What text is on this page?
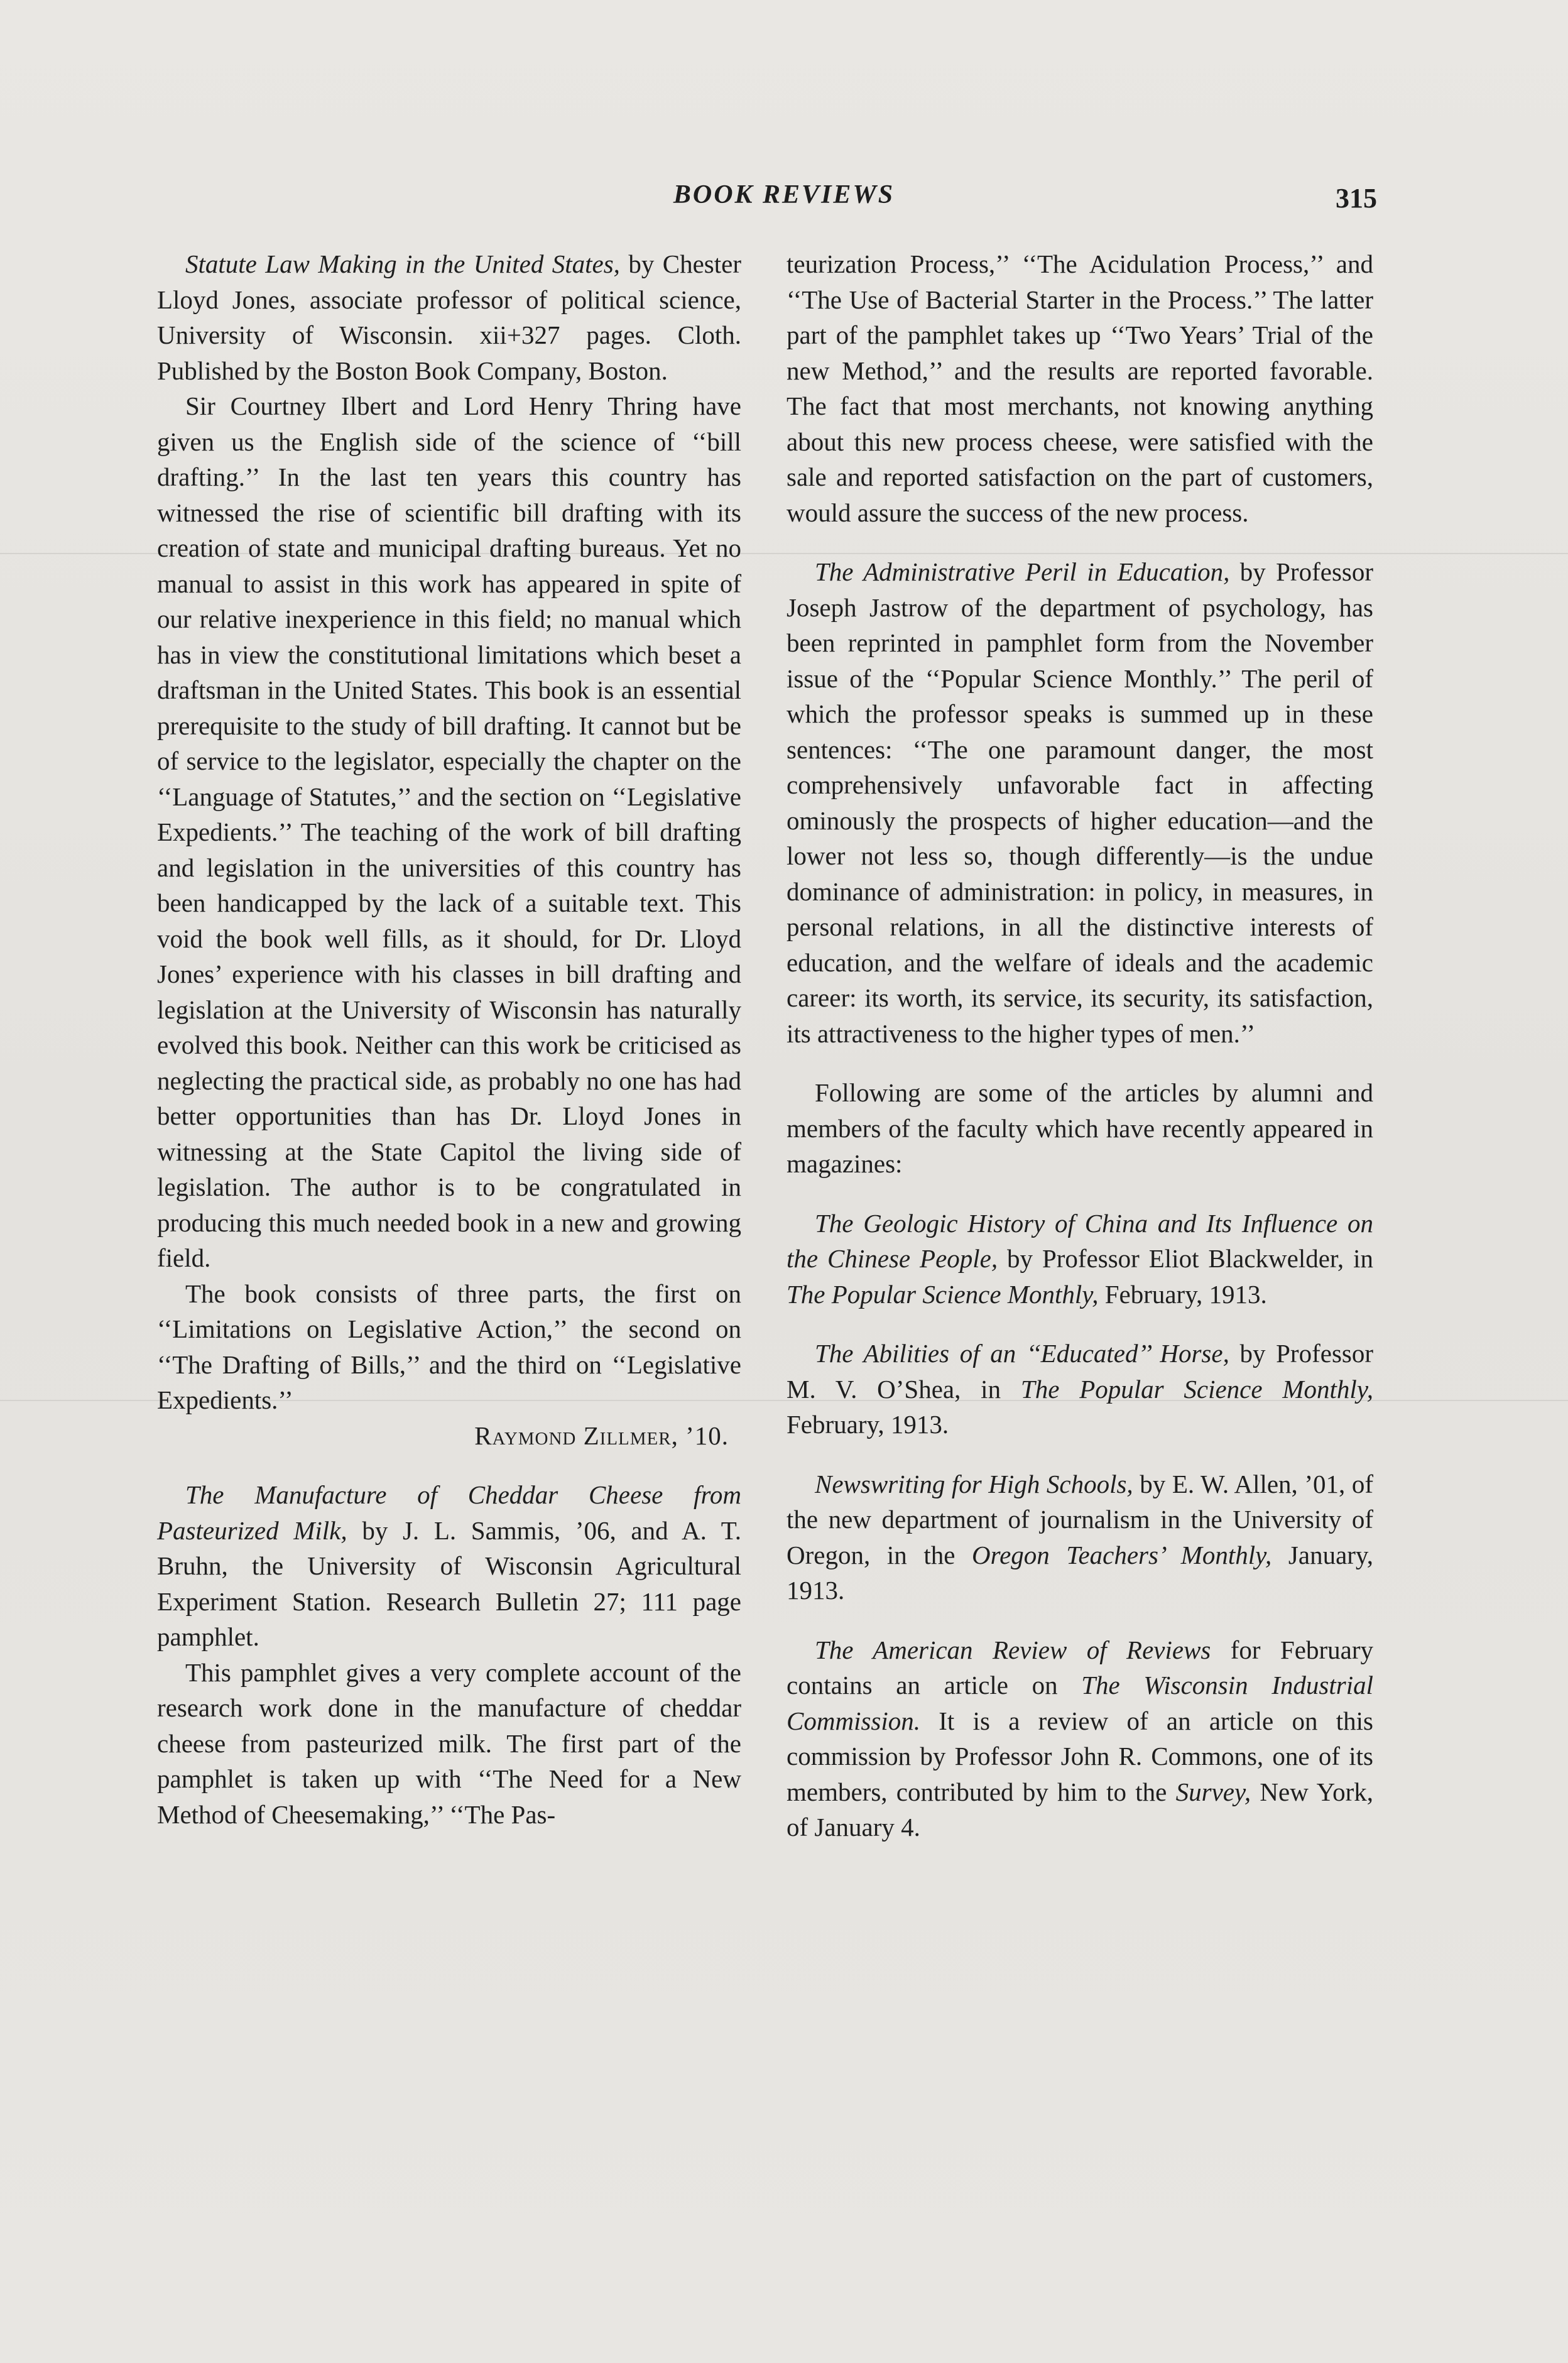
BOOK REVIEWS	315

Statute Law Making in the United States, by Chester Lloyd Jones, associate professor of political science, University of Wisconsin. xii+327 pages. Cloth. Published by the Boston Book Company, Boston.

Sir Courtney Ilbert and Lord Henry Thring have given us the English side of the science of ‘‘bill drafting.’’ In the last ten years this country has witnessed the rise of scientific bill drafting with its creation of state and municipal drafting bureaus. Yet no manual to assist in this work has appeared in spite of our relative inexperience in this field; no manual which has in view the constitutional limitations which beset a draftsman in the United States. This book is an essential prerequisite to the study of bill drafting. It cannot but be of service to the legislator, especially the chapter on the ‘‘Language of Statutes,’’ and the section on ‘‘Legislative Expedients.’’ The teaching of the work of bill drafting and legislation in the universities of this country has been handicapped by the lack of a suitable text. This void the book well fills, as it should, for Dr. Lloyd Jones’ experience with his classes in bill drafting and legislation at the University of Wisconsin has naturally evolved this book. Neither can this work be criticised as neglecting the practical side, as probably no one has had better opportunities than has Dr. Lloyd Jones in witnessing at the State Capitol the living side of legislation. The author is to be congratulated in producing this much needed book in a new and growing field.

The book consists of three parts, the first on ‘‘Limitations on Legislative Action,’’ the second on ‘‘The Drafting of Bills,’’ and the third on ‘‘Legislative Expedients.’’

Raymond Zillmer, ’10.

The Manufacture of Cheddar Cheese from Pasteurized Milk, by J. L. Sammis, ’06, and A. T. Bruhn, the University of Wisconsin Agricultural Experiment Station. Research Bulletin 27; 111 page pamphlet.

This pamphlet gives a very complete account of the research work done in the manufacture of cheddar cheese from pasteurized milk. The first part of the pamphlet is taken up with ‘‘The Need for a New Method of Cheesemaking,’’ ‘‘The Pas-

teurization Process,’’ ‘‘The Acidulation Process,’’ and ‘‘The Use of Bacterial Starter in the Process.’’ The latter part of the pamphlet takes up ‘‘Two Years’ Trial of the new Method,’’ and the results are reported favorable. The fact that most merchants, not knowing anything about this new process cheese, were satisfied with the sale and reported satisfaction on the part of customers, would assure the success of the new process.

The Administrative Peril in Education, by Professor Joseph Jastrow of the department of psychology, has been reprinted in pamphlet form from the November issue of the ‘‘Popular Science Monthly.’’ The peril of which the professor speaks is summed up in these sentences: ‘‘The one paramount danger, the most comprehensively unfavorable fact in affecting ominously the prospects of higher education—and the lower not less so, though differently—is the undue dominance of administration: in policy, in measures, in personal relations, in all the distinctive interests of education, and the welfare of ideals and the academic career: its worth, its service, its security, its satisfaction, its attractiveness to the higher types of men.’’

Following are some of the articles by alumni and members of the faculty which have recently appeared in magazines:

The Geologic History of China and Its Influence on the Chinese People, by Professor Eliot Blackwelder, in The Popular Science Monthly, February, 1913.

The Abilities of an ‘‘Educated’’ Horse, by Professor M. V. O’Shea, in The Popular Science Monthly, February, 1913.

Newswriting for High Schools, by E. W. Allen, ’01, of the new department of journalism in the University of Oregon, in the Oregon Teachers’ Monthly, January, 1913.

The American Review of Reviews for February contains an article on The Wisconsin Industrial Commission. It is a review of an article on this commission by Professor John R. Commons, one of its members, contributed by him to the Survey, New York, of January 4.
